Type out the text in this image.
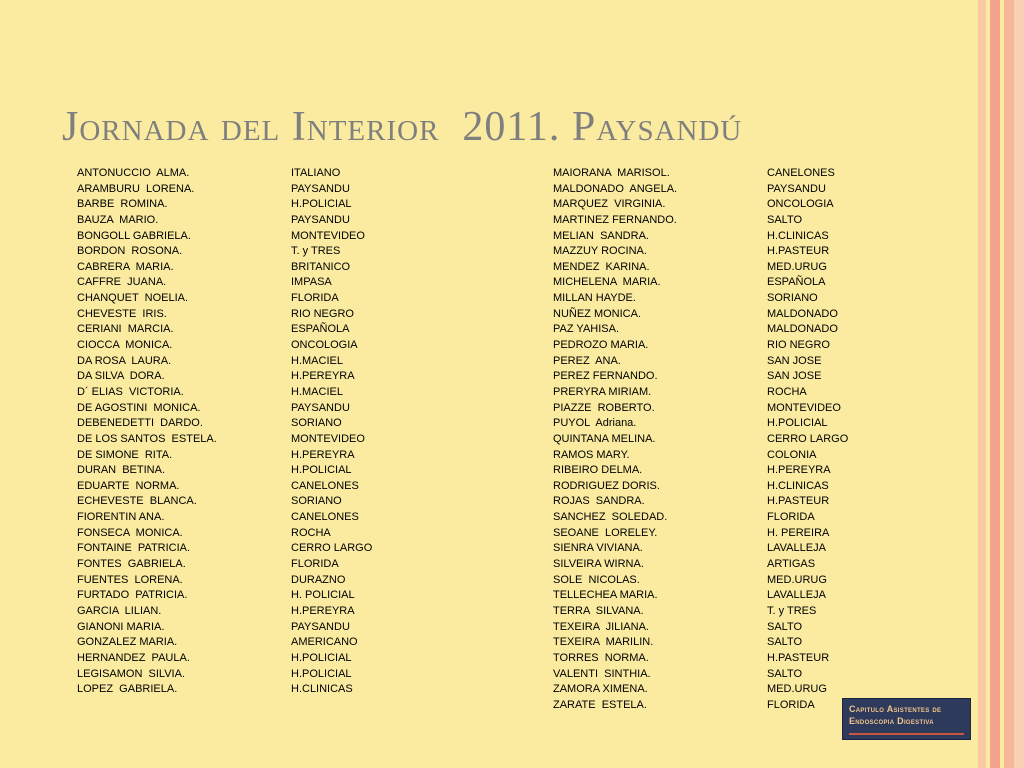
Jornada del Interior  2011. Paysandú
ANTONUCCIO  ALMA.
ARAMBURU  LORENA.
BARBE  ROMINA.
BAUZA  MARIO.
BONGOLL GABRIELA.
BORDON  ROSONA.
CABRERA  MARIA.
CAFFRE  JUANA.
CHANQUET  NOELIA.
CHEVESTE  IRIS.
CERIANI  MARCIA.
CIOCCA  MONICA.
DA ROSA  LAURA.
DA SILVA  DORA.
D´ ELIAS  VICTORIA.
DE AGOSTINI  MONICA.
DEBENEDETTI  DARDO.
DE LOS SANTOS  ESTELA.
DE SIMONE  RITA.
DURAN  BETINA.
EDUARTE  NORMA.
ECHEVESTE  BLANCA.
FIORENTIN ANA.
FONSECA  MONICA.
FONTAINE  PATRICIA.
FONTES  GABRIELA.
FUENTES  LORENA.
FURTADO  PATRICIA.
GARCIA  LILIAN.
GIANONI MARIA.
GONZALEZ MARIA.
HERNANDEZ  PAULA.
LEGISAMON  SILVIA.
LOPEZ  GABRIELA.
ITALIANO
PAYSANDU
H.POLICIAL
PAYSANDU
MONTEVIDEO
T. y TRES
BRITANICO
IMPASA
FLORIDA
RIO NEGRO
ESPAÑOLA
ONCOLOGIA
H.MACIEL
H.PEREYRA
H.MACIEL
PAYSANDU
SORIANO
MONTEVIDEO
H.PEREYRA
H.POLICIAL
CANELONES
SORIANO
CANELONES
ROCHA
CERRO LARGO
FLORIDA
DURAZNO
H. POLICIAL
H.PEREYRA
PAYSANDU
AMERICANO
H.POLICIAL
H.POLICIAL
H.CLINICAS
MAIORANA  MARISOL.
MALDONADO  ANGELA.
MARQUEZ  VIRGINIA.
MARTINEZ FERNANDO.
MELIAN  SANDRA.
MAZZUY ROCINA.
MENDEZ  KARINA.
MICHELENA  MARIA.
MILLAN HAYDE.
NUÑEZ MONICA.
PAZ YAHISA.
PEDROZO MARIA.
PEREZ  ANA.
PEREZ FERNANDO.
PRERYRA MIRIAM.
PIAZZE  ROBERTO.
PUYOL  Adriana.
QUINTANA MELINA.
RAMOS MARY.
RIBEIRO DELMA.
RODRIGUEZ DORIS.
ROJAS  SANDRA.
SANCHEZ  SOLEDAD.
SEOANE  LORELEY.
SIENRA VIVIANA.
SILVEIRA WIRNA.
SOLE  NICOLAS.
TELLECHEA MARIA.
TERRA  SILVANA.
TEXEIRA  JILIANA.
TEXEIRA  MARILIN.
TORRES  NORMA.
VALENTI  SINTHIA.
ZAMORA XIMENA.
ZARATE  ESTELA.
CANELONES
PAYSANDU
ONCOLOGIA
SALTO
H.CLINICAS
H.PASTEUR
MED.URUG
ESPAÑOLA
SORIANO
MALDONADO
MALDONADO
RIO NEGRO
SAN JOSE
SAN JOSE
ROCHA
MONTEVIDEO
H.POLICIAL
CERRO LARGO
COLONIA
H.PEREYRA
H.CLINICAS
H.PASTEUR
FLORIDA
H. PEREIRA
LAVALLEJA
ARTIGAS
MED.URUG
LAVALLEJA
T. y TRES
SALTO
SALTO
H.PASTEUR
SALTO
MED.URUG
FLORIDA	Capitulo Asistentes de
Endoscopia Digestiva
